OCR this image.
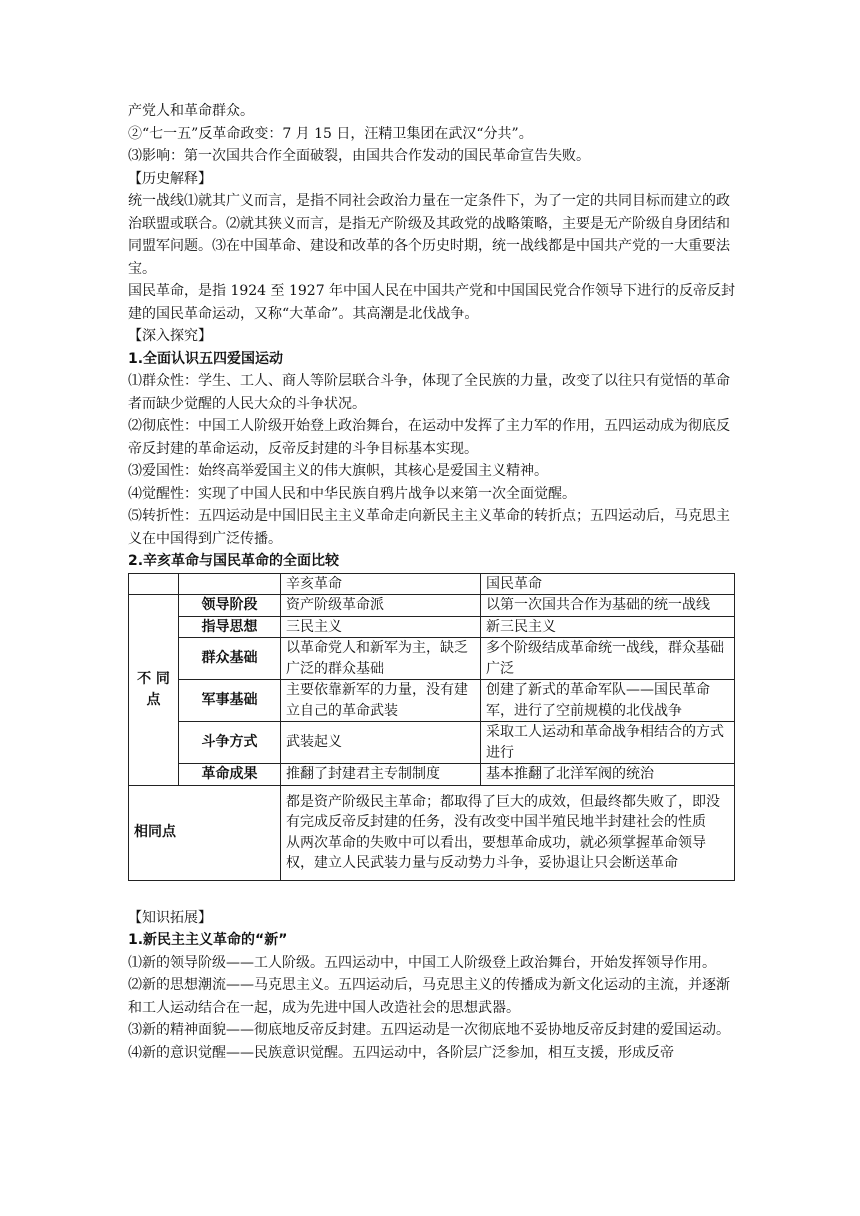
产党人和革命群众。

②“七一五”反革命政变：7 月 15 日，汪精卫集团在武汉“分共”。

⑶影响：第一次国共合作全面破裂，由国共合作发动的国民革命宣告失败。

【历史解释】

统一战线⑴就其广义而言，是指不同社会政治力量在一定条件下，为了一定的共同目标而建立的政治联盟或联合。⑵就其狭义而言，是指无产阶级及其政党的战略策略，主要是无产阶级自身团结和同盟军问题。⑶在中国革命、建设和改革的各个历史时期，统一战线都是中国共产党的一大重要法宝。

国民革命，是指 1924 至 1927 年中国人民在中国共产党和中国国民党合作领导下进行的反帝反封建的国民革命运动，又称“大革命”。其高潮是北伐战争。

【深入探究】

1.全面认识五四爱国运动

⑴群众性：学生、工人、商人等阶层联合斗争，体现了全民族的力量，改变了以往只有觉悟的革命者而缺少觉醒的人民大众的斗争状况。

⑵彻底性：中国工人阶级开始登上政治舞台，在运动中发挥了主力军的作用，五四运动成为彻底反帝反封建的革命运动，反帝反封建的斗争目标基本实现。

⑶爱国性：始终高举爱国主义的伟大旗帜，其核心是爱国主义精神。

⑷觉醒性：实现了中国人民和中华民族自鸦片战争以来第一次全面觉醒。

⑸转折性：五四运动是中国旧民主主义革命走向新民主主义革命的转折点；五四运动后，马克思主义在中国得到广泛传播。

2.辛亥革命与国民革命的全面比较

		辛亥革命	国民革命
不 同 点	领导阶段	资产阶级革命派	以第一次国共合作为基础的统一战线
	指导思想	三民主义	新三民主义
	群众基础	以革命党人和新军为主，缺乏广泛的群众基础	多个阶级结成革命统一战线，群众基础广泛
	军事基础	主要依靠新军的力量，没有建立自己的革命武装	创建了新式的革命军队——国民革命军，进行了空前规模的北伐战争
	斗争方式	武装起义	采取工人运动和革命战争相结合的方式进行
	革命成果	推翻了封建君主专制制度	基本推翻了北洋军阀的统治
相同点		都是资产阶级民主革命；都取得了巨大的成效，但最终都失败了，即没有完成反帝反封建的任务，没有改变中国半殖民地半封建社会的性质
从两次革命的失败中可以看出，要想革命成功，就必须掌握革命领导权，建立人民武装力量与反动势力斗争，妥协退让只会断送革命	

【知识拓展】

1.新民主主义革命的“新”

⑴新的领导阶级——工人阶级。五四运动中，中国工人阶级登上政治舞台，开始发挥领导作用。

⑵新的思想潮流——马克思主义。五四运动后，马克思主义的传播成为新文化运动的主流，并逐渐和工人运动结合在一起，成为先进中国人改造社会的思想武器。

⑶新的精神面貌——彻底地反帝反封建。五四运动是一次彻底地不妥协地反帝反封建的爱国运动。

⑷新的意识觉醒——民族意识觉醒。五四运动中，各阶层广泛参加，相互支援，形成反帝
